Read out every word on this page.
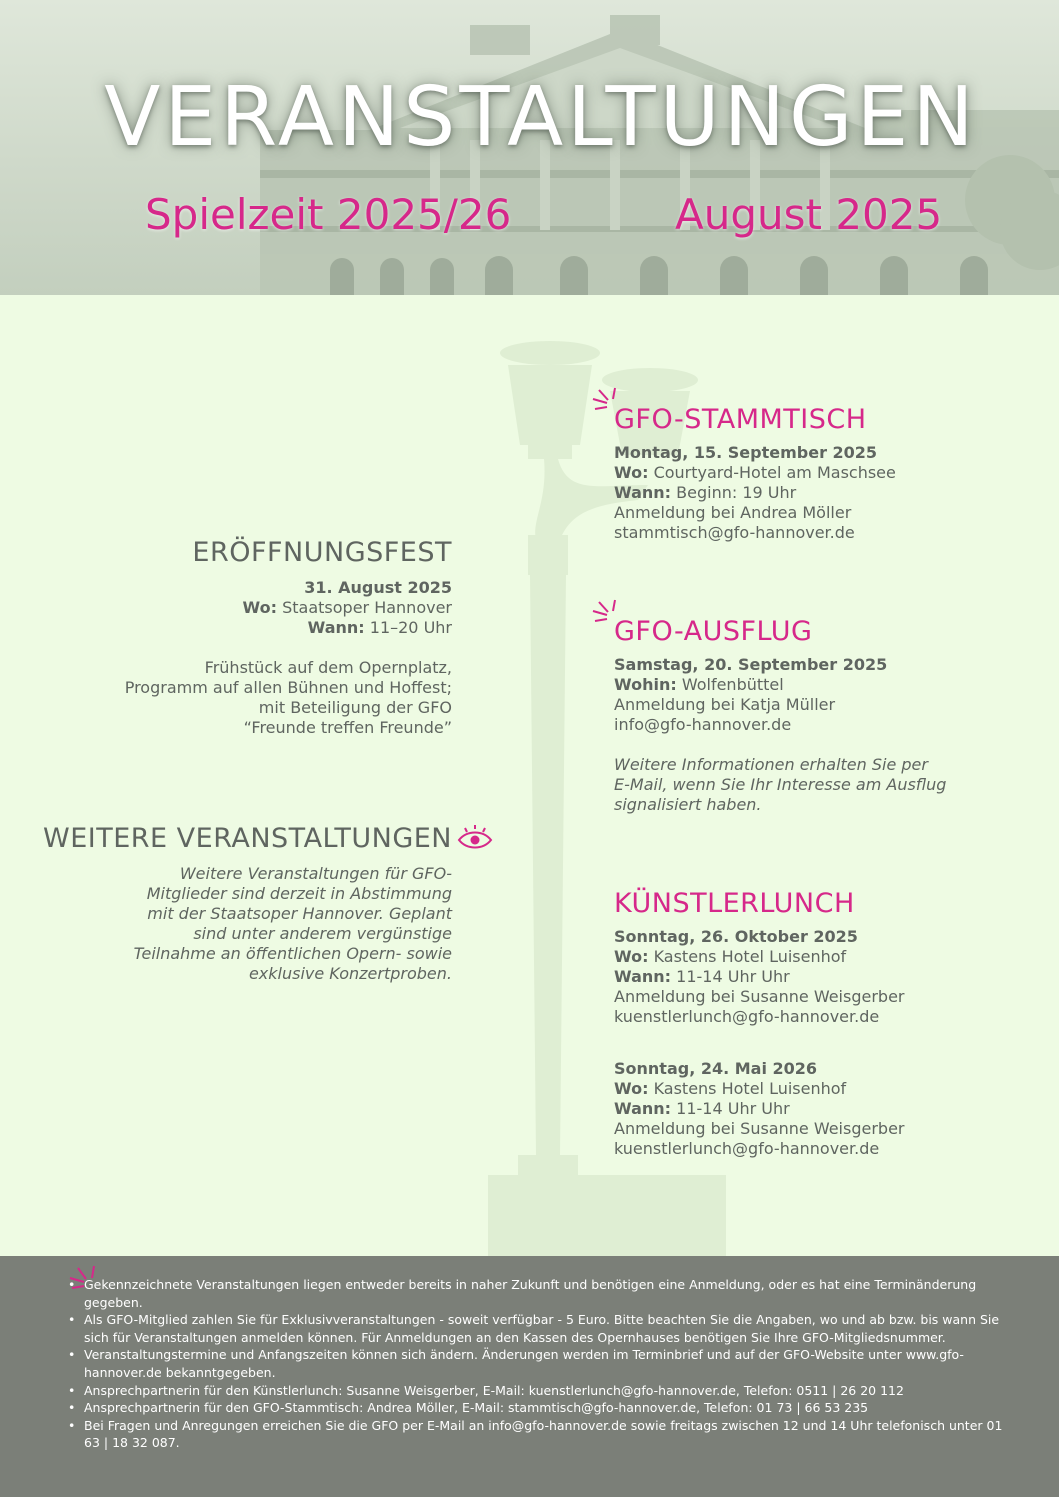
VERANSTALTUNGEN
Spielzeit 2025/26	August 2025
ERÖFFNUNGSFEST
31. August 2025
Wo: Staatsoper Hannover
Wann: 11–20 Uhr
Frühstück auf dem Opernplatz,
Programm auf allen Bühnen und Hoffest;
mit Beteiligung der GFO
“Freunde treffen Freunde”
WEITERE VERANSTALTUNGEN
Weitere Veranstaltungen für GFO-
Mitglieder sind derzeit in Abstimmung
mit der Staatsoper Hannover. Geplant
sind unter anderem vergünstige
Teilnahme an öffentlichen Opern- sowie
exklusive Konzertproben.
GFO-STAMMTISCH
Montag, 15. September 2025
Wo: Courtyard-Hotel am Maschsee
Wann: Beginn: 19 Uhr
Anmeldung bei Andrea Möller
stammtisch@gfo-hannover.de
GFO-AUSFLUG
Samstag, 20. September 2025
Wohin: Wolfenbüttel
Anmeldung bei Katja Müller
info@gfo-hannover.de
Weitere Informationen erhalten Sie per
E-Mail, wenn Sie Ihr Interesse am Ausflug
signalisiert haben.
KÜNSTLERLUNCH
Sonntag, 26. Oktober 2025
Wo: Kastens Hotel Luisenhof
Wann: 11-14 Uhr Uhr
Anmeldung bei Susanne Weisgerber
kuenstlerlunch@gfo-hannover.de
Sonntag, 24. Mai 2026
Wo: Kastens Hotel Luisenhof
Wann: 11-14 Uhr Uhr
Anmeldung bei Susanne Weisgerber
kuenstlerlunch@gfo-hannover.de
• Gekennzeichnete Veranstaltungen liegen entweder bereits in naher Zukunft und benötigen eine Anmeldung, oder es hat eine Terminänderung gegeben.
• Als GFO-Mitglied zahlen Sie für Exklusivveranstaltungen - soweit verfügbar - 5 Euro. Bitte beachten Sie die Angaben, wo und ab bzw. bis wann Sie sich für Veranstaltungen anmelden können. Für Anmeldungen an den Kassen des Opernhauses benötigen Sie Ihre GFO-Mitgliedsnummer.
• Veranstaltungstermine und Anfangszeiten können sich ändern. Änderungen werden im Terminbrief und auf der GFO-Website unter www.gfo-hannover.de bekanntgegeben.
• Ansprechpartnerin für den Künstlerlunch: Susanne Weisgerber, E-Mail: kuenstlerlunch@gfo-hannover.de, Telefon: 0511 | 26 20 112
• Ansprechpartnerin für den GFO-Stammtisch: Andrea Möller, E-Mail: stammtisch@gfo-hannover.de, Telefon: 01 73 | 66 53 235
• Bei Fragen und Anregungen erreichen Sie die GFO per E-Mail an info@gfo-hannover.de sowie freitags zwischen 12 und 14 Uhr telefonisch unter 01 63 | 18 32 087.
